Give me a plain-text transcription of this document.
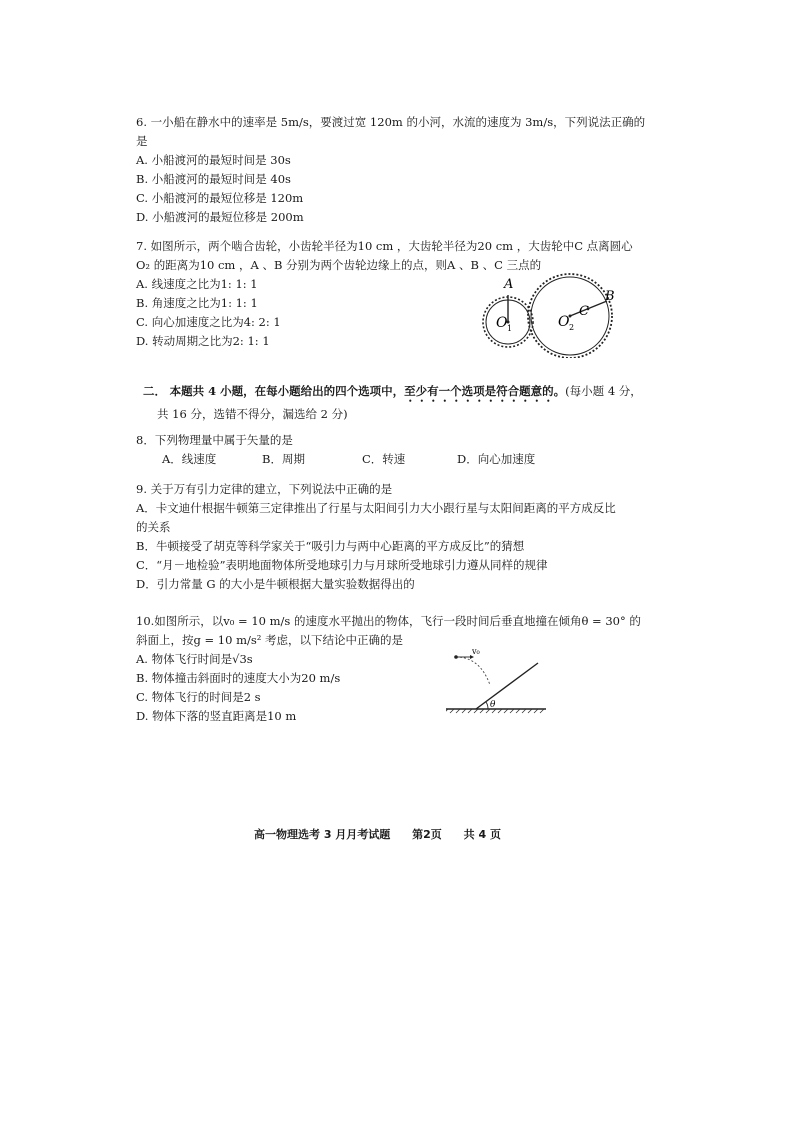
6. 一小船在静水中的速率是 5m/s，要渡过宽 120m 的小河，水流的速度为 3m/s，下列说法正确的

是

A. 小船渡河的最短时间是 30s

B. 小船渡河的最短时间是 40s

C. 小船渡河的最短位移是 120m

D. 小船渡河的最短位移是 200m

7. 如图所示，两个啮合齿轮，小齿轮半径为10 cm ，大齿轮半径为20 cm ，大齿轮中C 点离圆心

O₂ 的距离为10 cm ，A 、B 分别为两个齿轮边缘上的点，则A 、B 、C 三点的

A. 线速度之比为1: 1: 1

B. 角速度之比为1: 1: 1

C. 向心加速度之比为4: 2: 1

D. 转动周期之比为2: 1: 1

A
B
C
O 1	O 2

二． 本题共 4 小题，在每小题给出的四个选项中，至少有一个选项是符合题意的。(每小题 4 分，

共 16 分，选错不得分，漏选给 2 分)

8．下列物理量中属于矢量的是

A．线速度	B．周期	C．转速	D．向心加速度

9. 关于万有引力定律的建立，下列说法中正确的是

A．卡文迪什根据牛顿第三定律推出了行星与太阳间引力大小跟行星与太阳间距离的平方成反比

的关系

B．牛顿接受了胡克等科学家关于“吸引力与两中心距离的平方成反比”的猜想

C．“月－地检验”表明地面物体所受地球引力与月球所受地球引力遵从同样的规律

D．引力常量 G 的大小是牛顿根据大量实验数据得出的

10.如图所示，以v₀ = 10 m/s 的速度水平抛出的物体，飞行一段时间后垂直地撞在倾角θ = 30° 的

斜面上，按g = 10 m/s² 考虑，以下结论中正确的是

A. 物体飞行时间是√3s

B. 物体撞击斜面时的速度大小为20 m/s

C. 物体飞行的时间是2 s

D. 物体下落的竖直距离是10 m

θ
v₀
高一物理选考 3 月月考试题 第2页 共 4 页
